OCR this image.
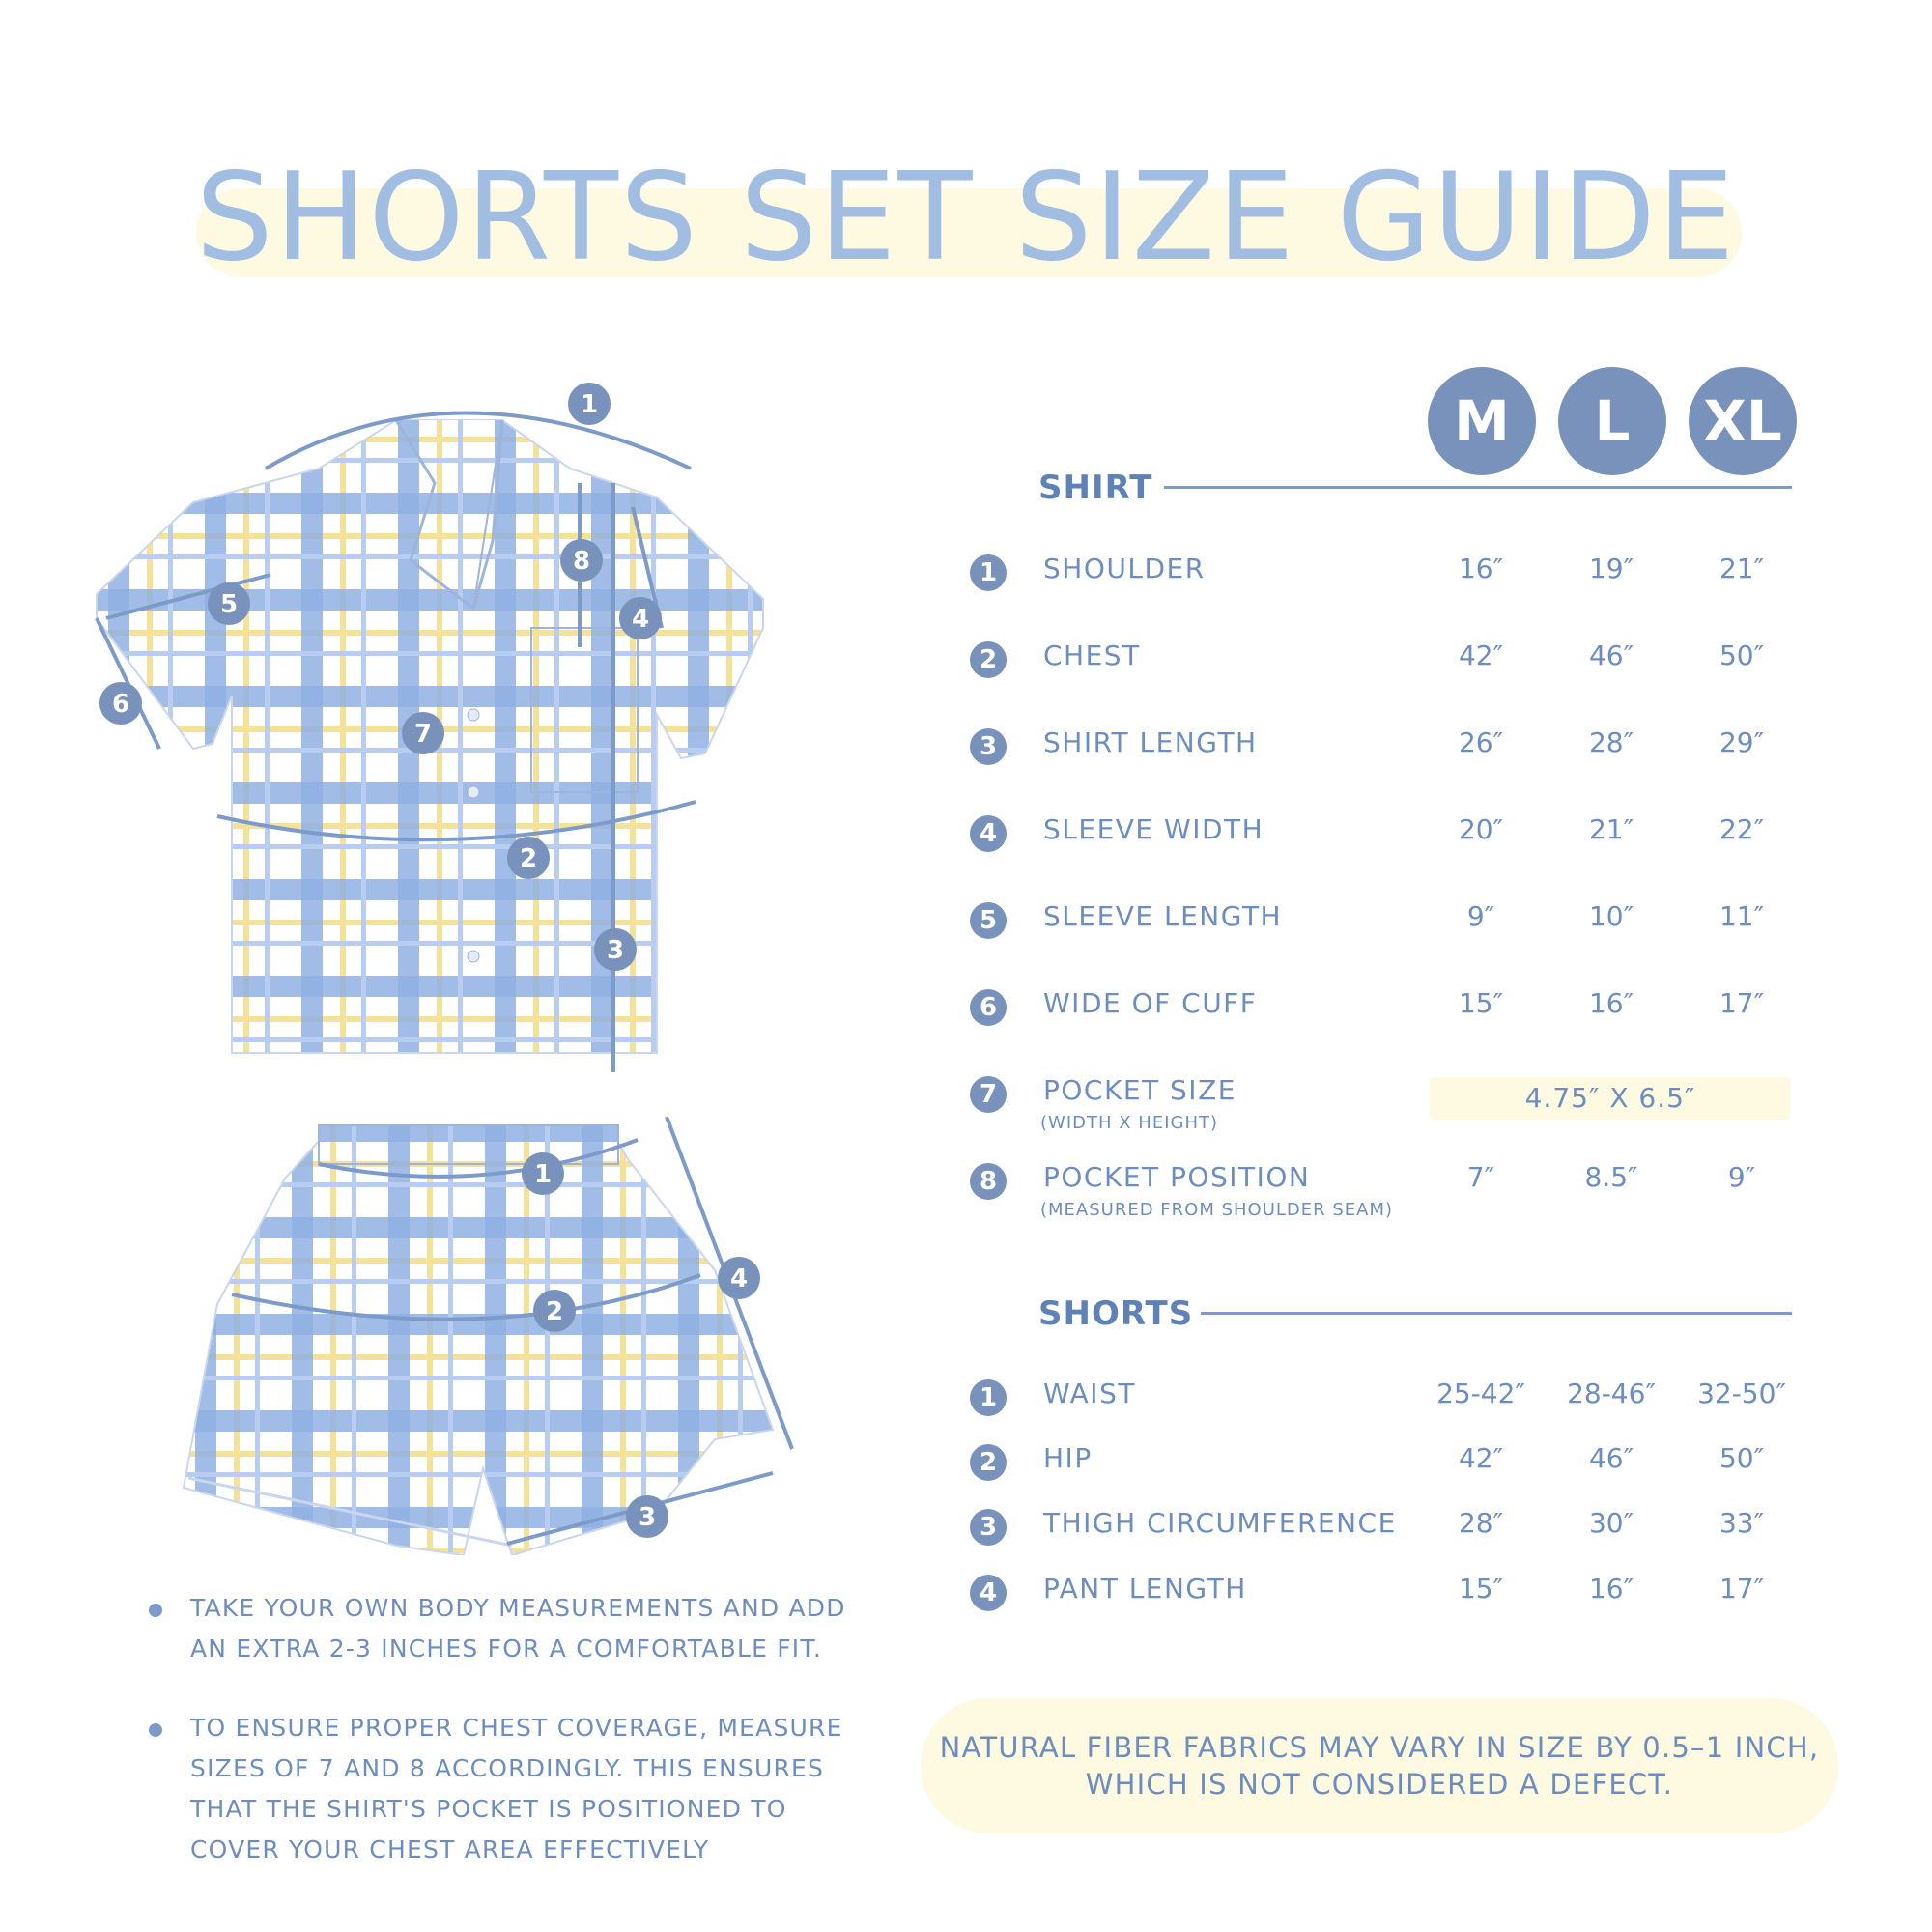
SHORTS SET SIZE GUIDE
1
2
3
4
5
6
7
8
1
2
4
3
M	L	XL
SHIRT
1	SHOULDER	16″	19″	21″
2	CHEST	42″	46″	50″
3	SHIRT LENGTH	26″	28″	29″
4	SLEEVE WIDTH	20″	21″	22″
5	SLEEVE LENGTH	9″	10″	11″
6	WIDE OF CUFF	15″	16″	17″
7	POCKET SIZE
(WIDTH X HEIGHT)
4.75″ X 6.5″
8	POCKET POSITION
(MEASURED FROM SHOULDER SEAM)
7″	8.5″	9″
SHORTS
1	WAIST	25-42″	28-46″	32-50″
2	HIP	42″	46″	50″
3	THIGH CIRCUMFERENCE	28″	30″	33″
4	PANT LENGTH	15″	16″	17″
TAKE YOUR OWN BODY MEASUREMENTS AND ADD AN EXTRA 2-3 INCHES FOR A COMFORTABLE FIT.
TO ENSURE PROPER CHEST COVERAGE, MEASURE SIZES OF 7 AND 8 ACCORDINGLY. THIS ENSURES THAT THE SHIRT'S POCKET IS POSITIONED TO COVER YOUR CHEST AREA EFFECTIVELY
NATURAL FIBER FABRICS MAY VARY IN SIZE BY 0.5–1 INCH, WHICH IS NOT CONSIDERED A DEFECT.
